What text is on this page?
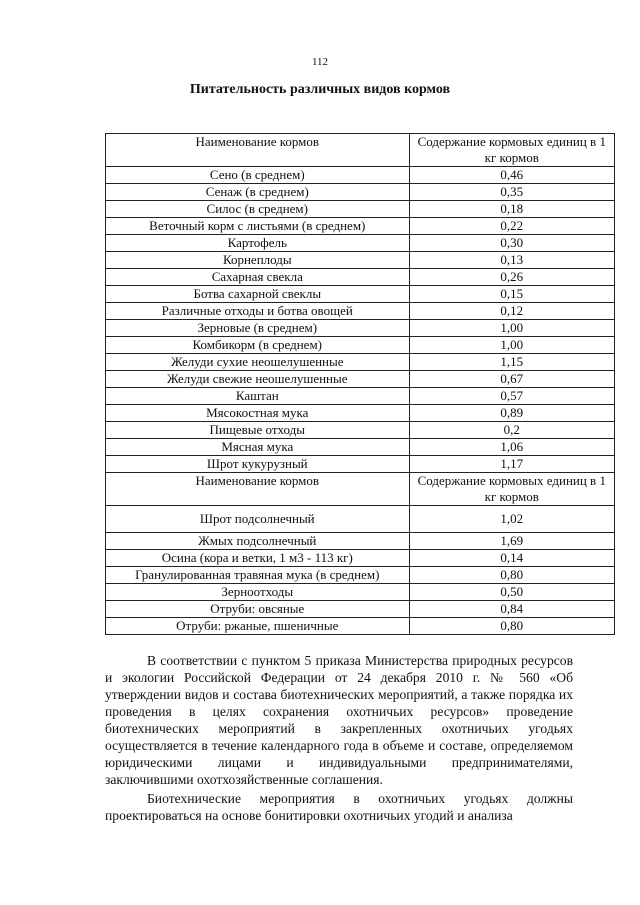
112
Питательность различных видов кормов
Наименование кормов	Содержание кормовых единиц в 1 кг кормов
Сено (в среднем)	0,46
Сенаж (в среднем)	0,35
Силос (в среднем)	0,18
Веточный корм с листьями (в среднем)	0,22
Картофель	0,30
Корнеплоды	0,13
Сахарная свекла	0,26
Ботва сахарной свеклы	0,15
Различные отходы и ботва овощей	0,12
Зерновые (в среднем)	1,00
Комбикорм (в среднем)	1,00
Желуди сухие неошелушенные	1,15
Желуди свежие неошелушенные	0,67
Каштан	0,57
Мясокостная мука	0,89
Пищевые отходы	0,2
Мясная мука	1,06
Шрот кукурузный	1,17
Наименование кормов	Содержание кормовых единиц в 1 кг кормов
Шрот подсолнечный	1,02
Жмых подсолнечный	1,69
Осина (кора и ветки, 1 м3 - 113 кг)	0,14
Гранулированная травяная мука (в среднем)	0,80
Зерноотходы	0,50
Отруби: овсяные	0,84
Отруби: ржаные, пшеничные	0,80

В соответствии с пунктом 5 приказа Министерства природных ресурсов и экологии Российской Федерации от 24 декабря 2010 г. № 560 «Об утверждении видов и состава биотехнических мероприятий, а также порядка их проведения в целях сохранения охотничьих ресурсов» проведение биотехнических мероприятий в закрепленных охотничьих угодьях осуществляется в течение календарного года в объеме и составе, определяемом юридическими лицами и индивидуальными предпринимателями, заключившими охотхозяйственные соглашения.

Биотехнические мероприятия в охотничьих угодьях должны проектироваться на основе бонитировки охотничьих угодий и анализа
